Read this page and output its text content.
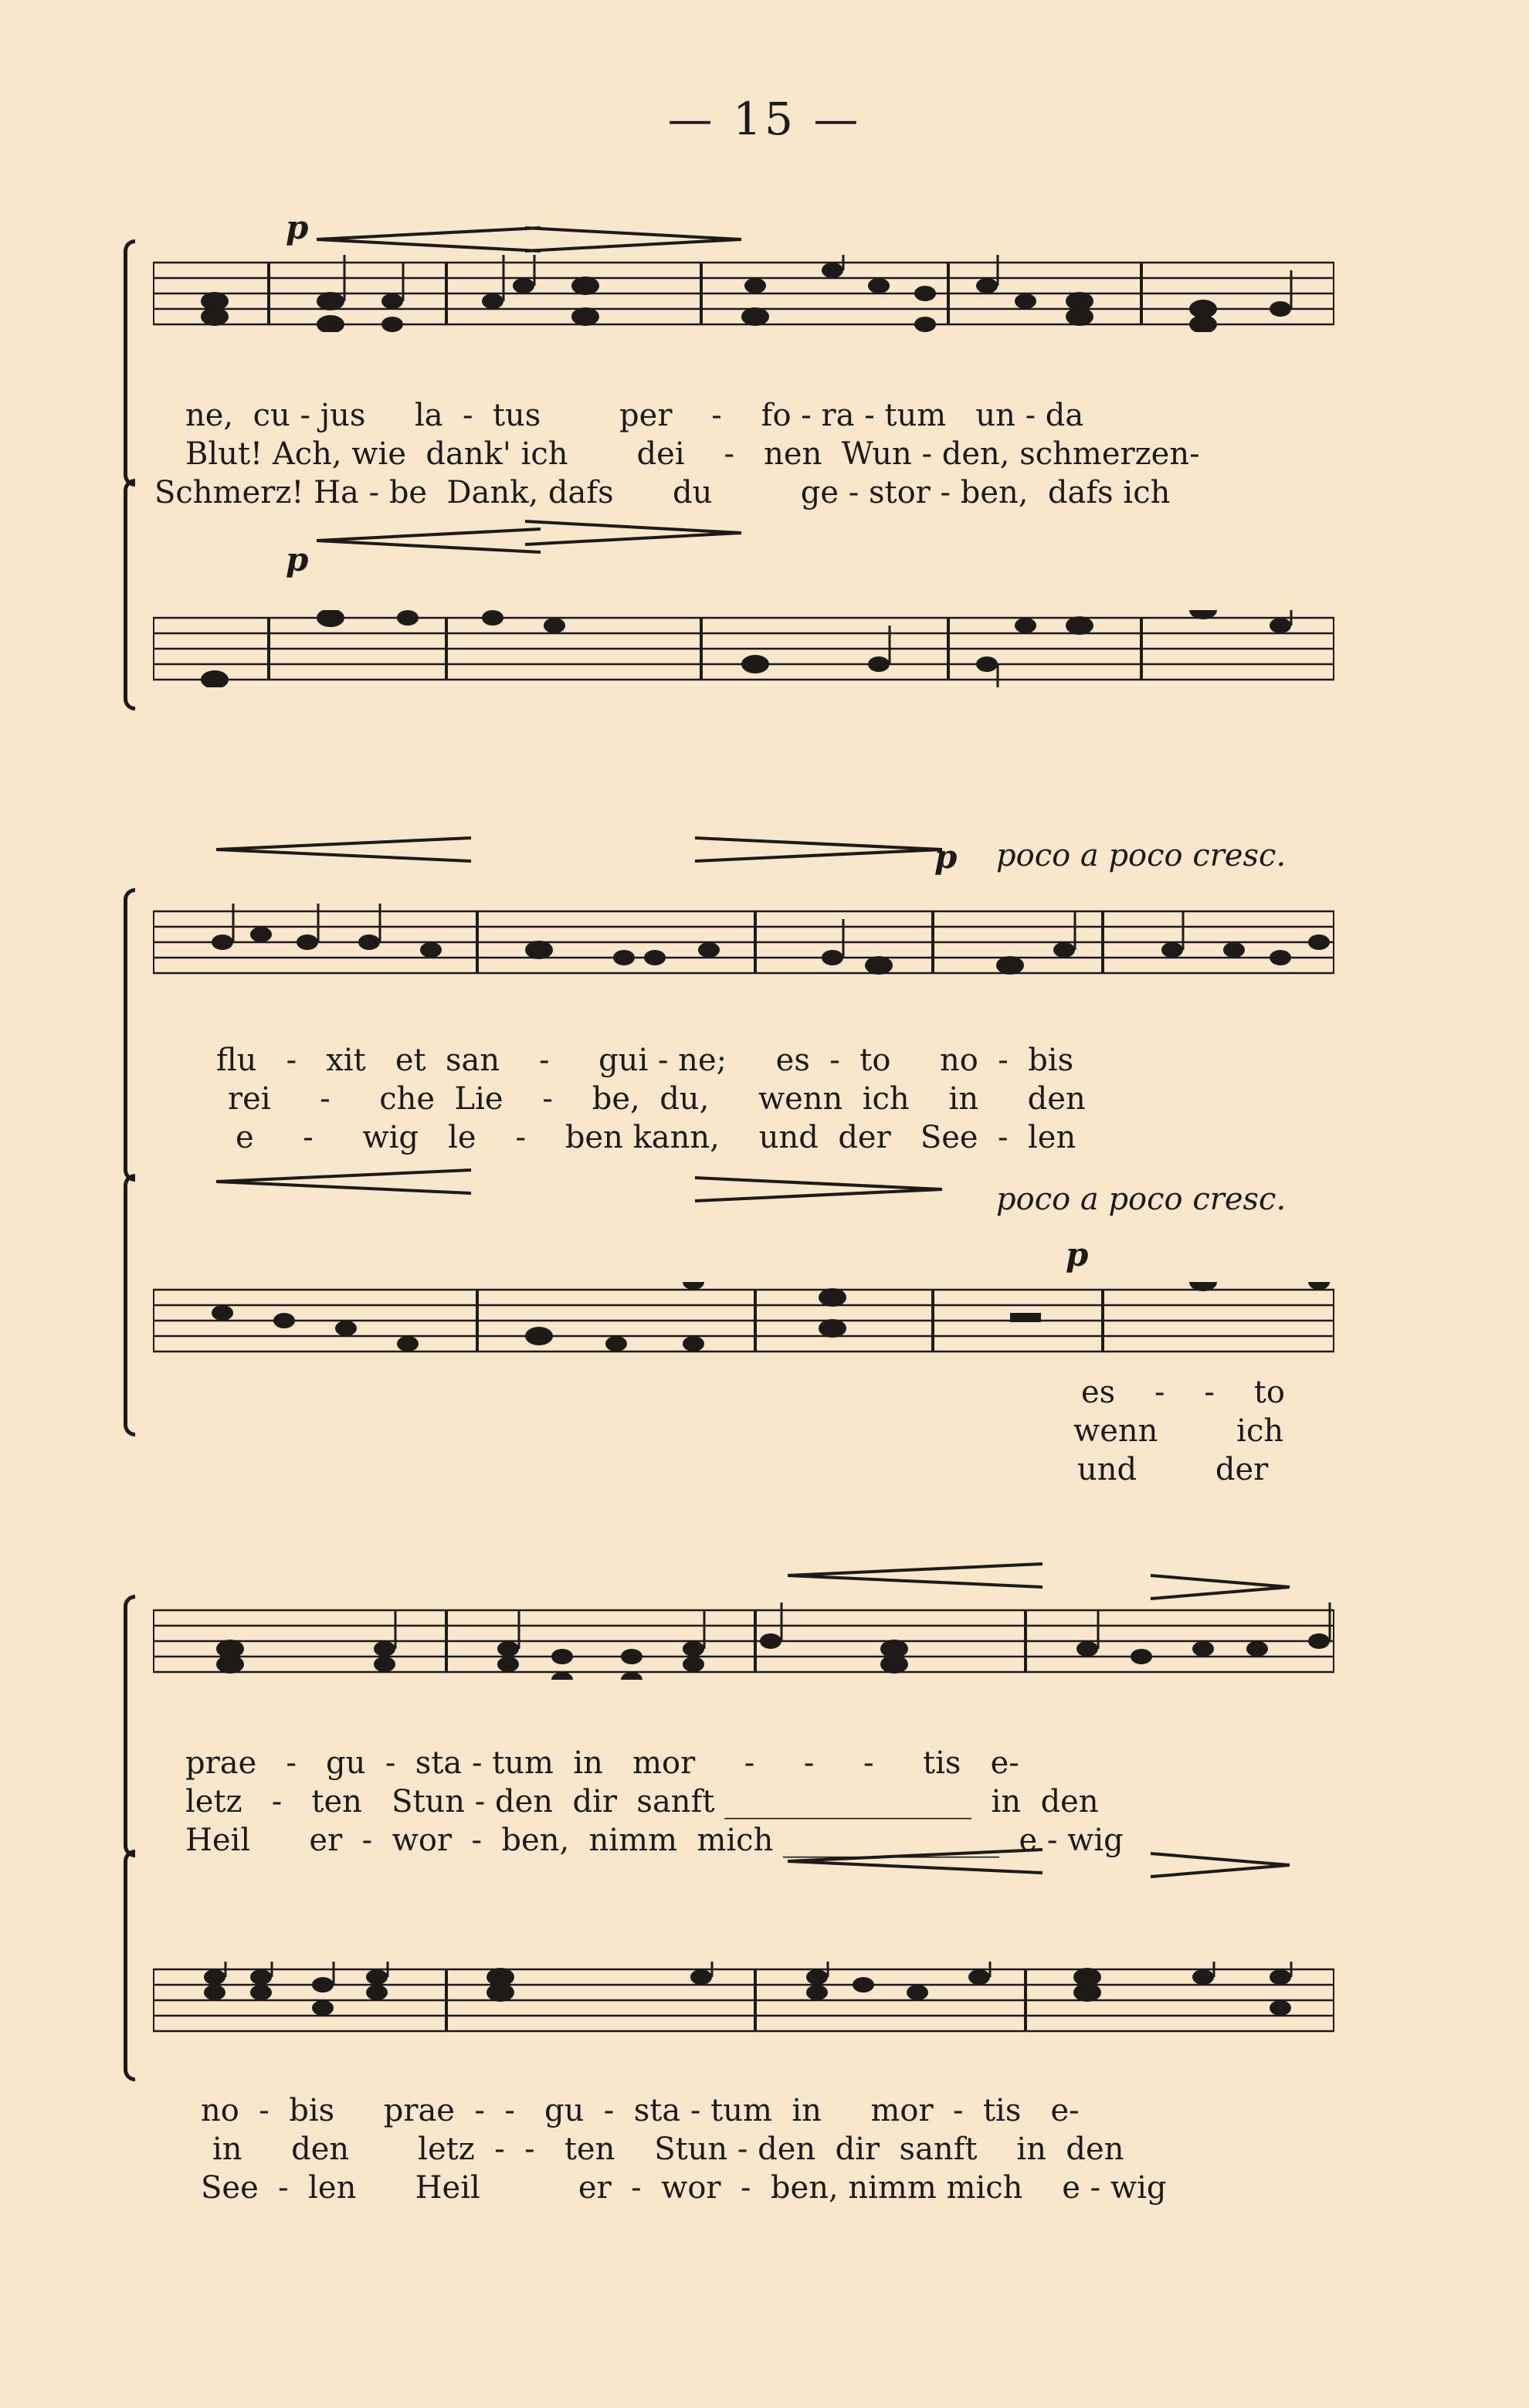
— 15 —
p
ne,  cu - jus     la  -  tus        per    -    fo - ra - tum   un - da
Blut! Ach, wie  dank' ich       dei    -   nen  Wun - den, schmerzen-
Schmerz! Ha - be  Dank, dafs      du         ge - stor - ben,  dafs ich
p
p poco a poco cresc.
flu   -   xit   et  san    -     gui - ne;     es  -  to     no  -  bis
rei     -     che  Lie    -    be,  du,     wenn  ich    in     den
e     -     wig   le    -    ben kann,    und  der   See  -  len
poco a poco cresc.
p
es    -    -    to
wenn        ich
und        der
prae   -   gu  -  sta - tum  in   mor     -     -     -     tis   e-
letz   -   ten   Stun - den  dir  sanft ________________  in  den
Heil      er  -  wor  -  ben,  nimm  mich ______________  e - wig
no  -  bis     prae  -  -   gu  -  sta - tum  in     mor  -  tis   e-
in     den       letz  -  -   ten    Stun - den  dir  sanft    in  den
See  -  len      Heil          er  -  wor  -  ben, nimm mich    e - wig
